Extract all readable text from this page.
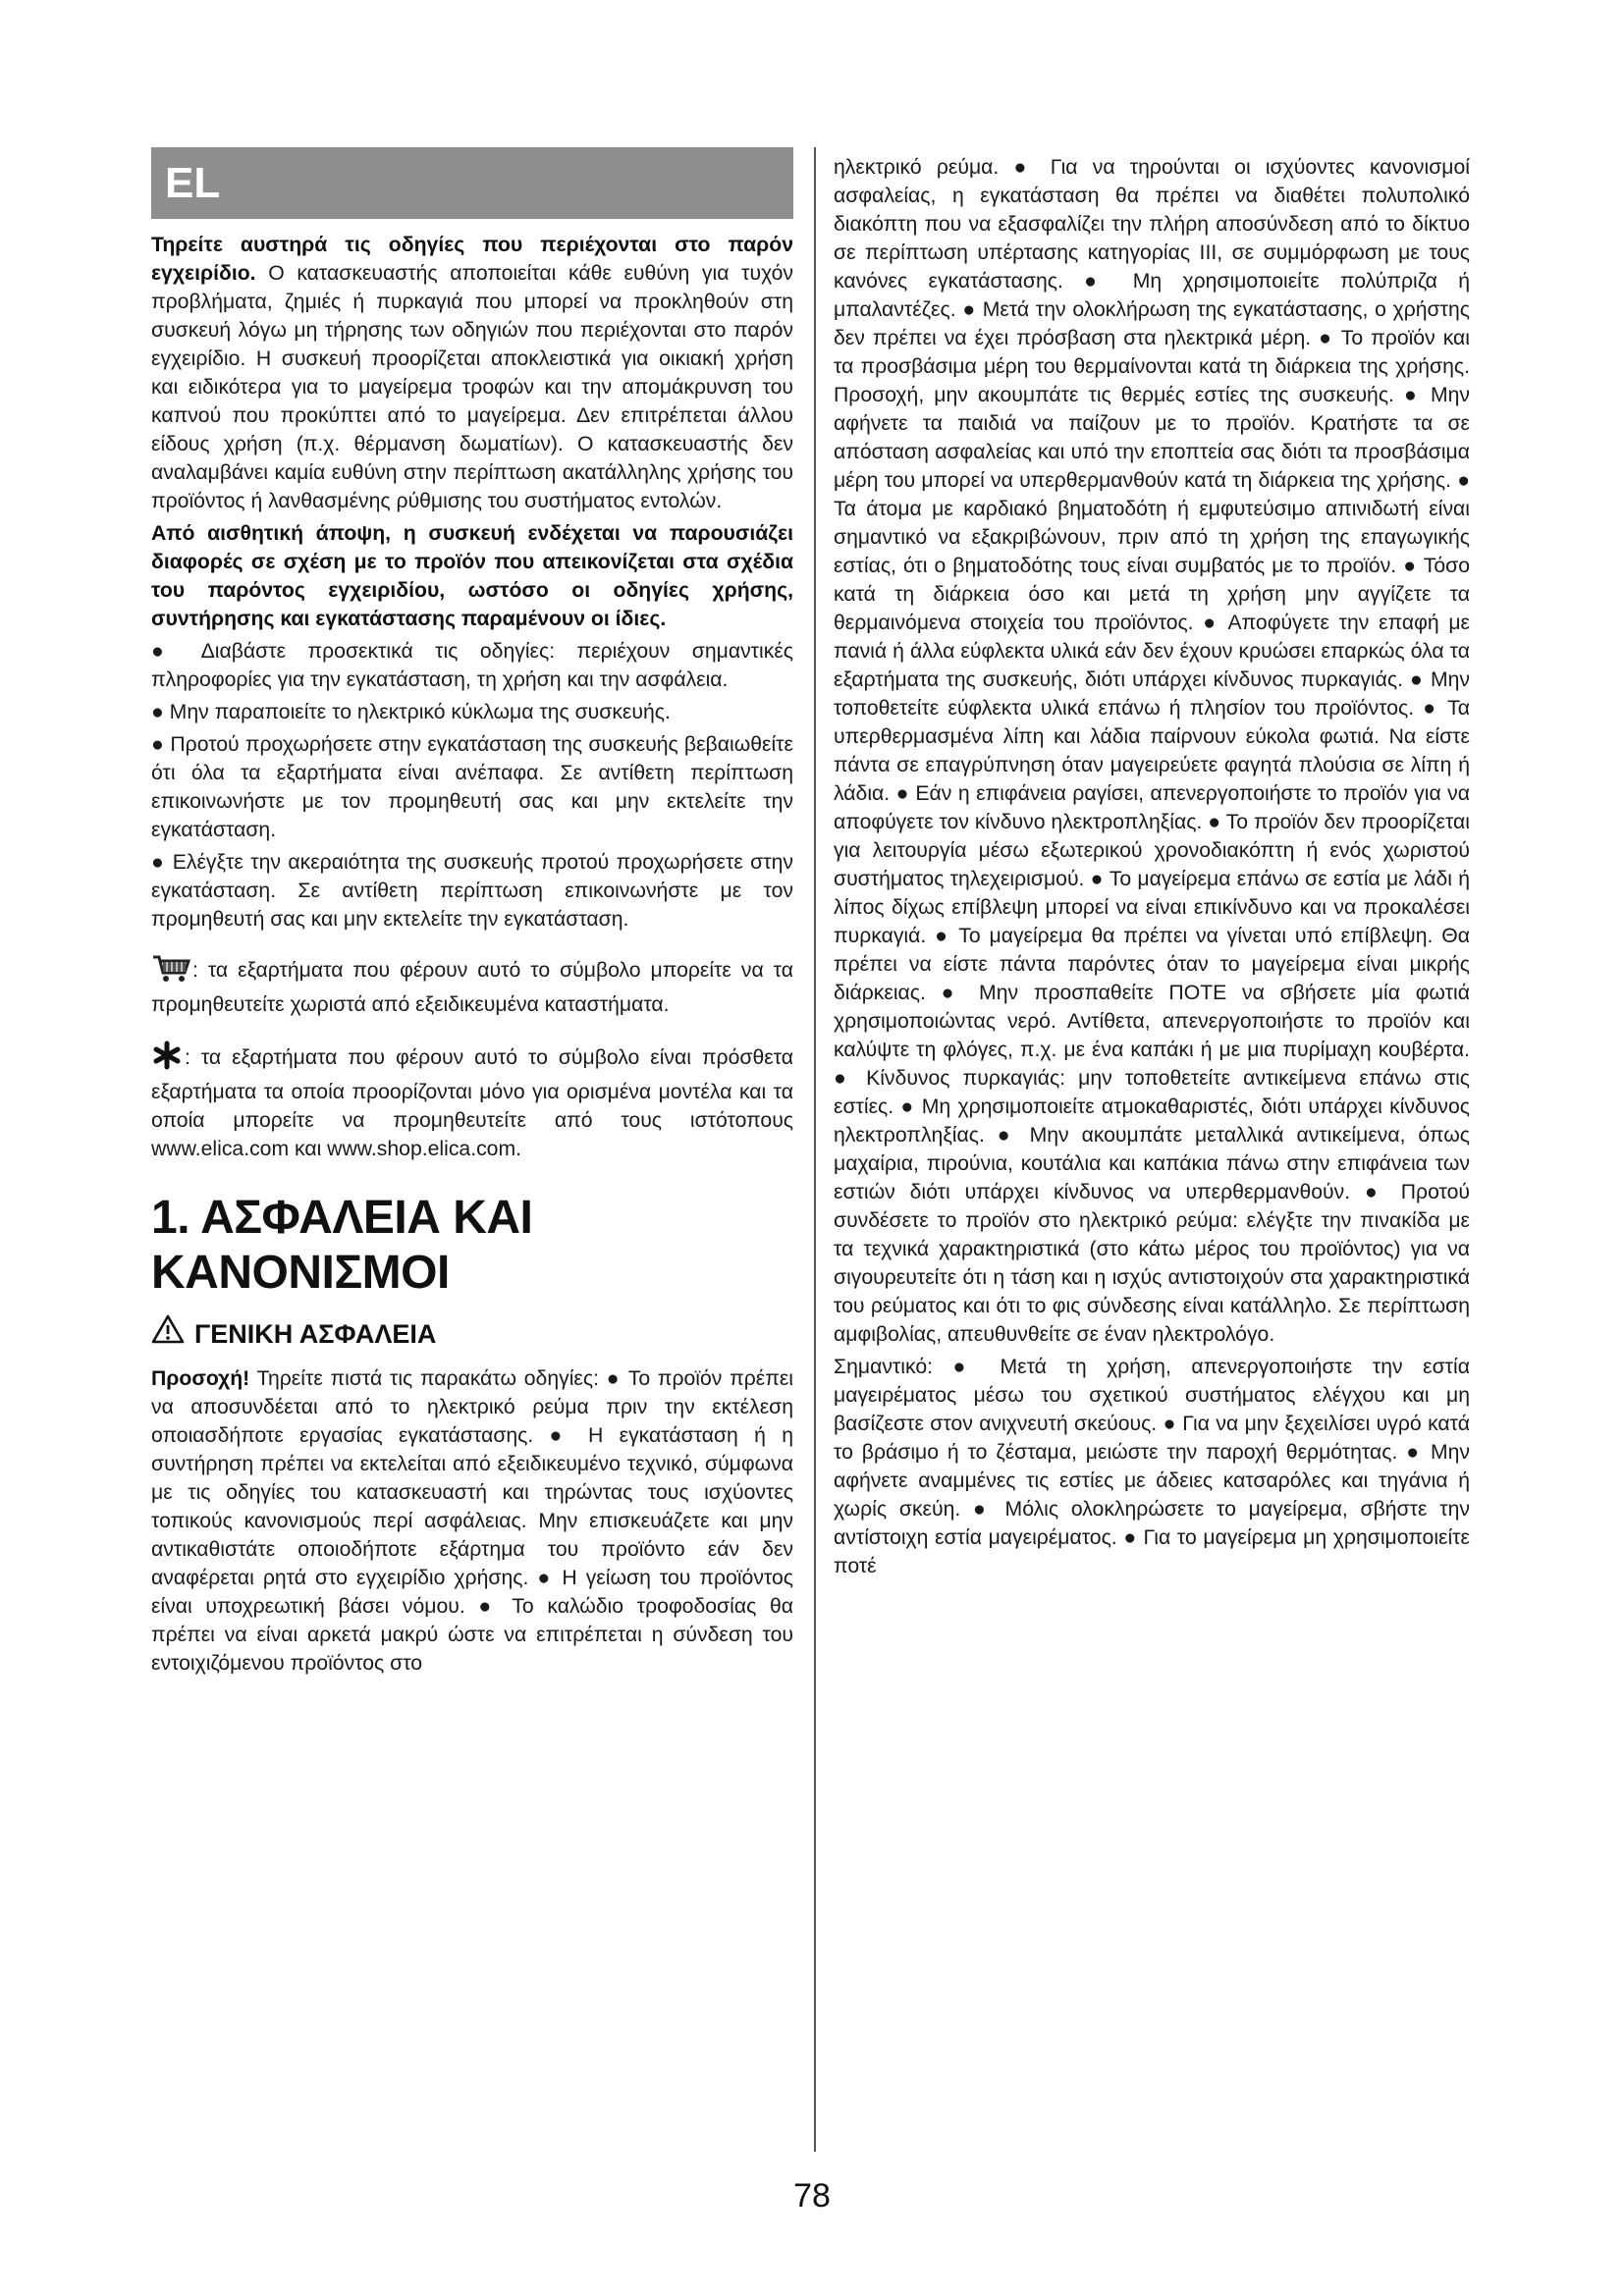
EL

Τηρείτε αυστηρά τις οδηγίες που περιέχονται στο παρόν εγχειρίδιο. Ο κατασκευαστής αποποιείται κάθε ευθύνη για τυχόν προβλήματα, ζημιές ή πυρκαγιά που μπορεί να προκληθούν στη συσκευή λόγω μη τήρησης των οδηγιών που περιέχονται στο παρόν εγχειρίδιο. Η συσκευή προορίζεται αποκλειστικά για οικιακή χρήση και ειδικότερα για το μαγείρεμα τροφών και την απομάκρυνση του καπνού που προκύπτει από το μαγείρεμα. Δεν επιτρέπεται άλλου είδους χρήση (π.χ. θέρμανση δωματίων). Ο κατασκευαστής δεν αναλαμβάνει καμία ευθύνη στην περίπτωση ακατάλληλης χρήσης του προϊόντος ή λανθασμένης ρύθμισης του συστήματος εντολών.

Από αισθητική άποψη, η συσκευή ενδέχεται να παρουσιάζει διαφορές σε σχέση με το προϊόν που απεικονίζεται στα σχέδια του παρόντος εγχειριδίου, ωστόσο οι οδηγίες χρήσης, συντήρησης και εγκατάστασης παραμένουν οι ίδιες.

● Διαβάστε προσεκτικά τις οδηγίες: περιέχουν σημαντικές πληροφορίες για την εγκατάσταση, τη χρήση και την ασφάλεια.

● Μην παραποιείτε το ηλεκτρικό κύκλωμα της συσκευής.

● Προτού προχωρήσετε στην εγκατάσταση της συσκευής βεβαιωθείτε ότι όλα τα εξαρτήματα είναι ανέπαφα. Σε αντίθετη περίπτωση επικοινωνήστε με τον προμηθευτή σας και μην εκτελείτε την εγκατάσταση.

● Ελέγξτε την ακεραιότητα της συσκευής προτού προχωρήσετε στην εγκατάσταση. Σε αντίθετη περίπτωση επικοινωνήστε με τον προμηθευτή σας και μην εκτελείτε την εγκατάσταση.

: τα εξαρτήματα που φέρουν αυτό το σύμβολο μπορείτε να τα προμηθευτείτε χωριστά από εξειδικευμένα καταστήματα.

: τα εξαρτήματα που φέρουν αυτό το σύμβολο είναι πρόσθετα εξαρτήματα τα οποία προορίζονται μόνο για ορισμένα μοντέλα και τα οποία μπορείτε να προμηθευτείτε από τους ιστότοπους www.elica.com και www.shop.elica.com.

1. ΑΣΦΑΛΕΙΑ ΚΑΙ ΚΑΝΟΝΙΣΜΟΙ
ΓΕΝΙΚΗ ΑΣΦΑΛΕΙΑ

Προσοχή! Τηρείτε πιστά τις παρακάτω οδηγίες: ● Το προϊόν πρέπει να αποσυνδέεται από το ηλεκτρικό ρεύμα πριν την εκτέλεση οποιασδήποτε εργασίας εγκατάστασης. ● Η εγκατάσταση ή η συντήρηση πρέπει να εκτελείται από εξειδικευμένο τεχνικό, σύμφωνα με τις οδηγίες του κατασκευαστή και τηρώντας τους ισχύοντες τοπικούς κανονισμούς περί ασφάλειας. Μην επισκευάζετε και μην αντικαθιστάτε οποιοδήποτε εξάρτημα του προϊόντο εάν δεν αναφέρεται ρητά στο εγχειρίδιο χρήσης. ● Η γείωση του προϊόντος είναι υποχρεωτική βάσει νόμου. ● Το καλώδιο τροφοδοσίας θα πρέπει να είναι αρκετά μακρύ ώστε να επιτρέπεται η σύνδεση του εντοιχιζόμενου προϊόντος στο

ηλεκτρικό ρεύμα. ● Για να τηρούνται οι ισχύοντες κανονισμοί ασφαλείας, η εγκατάσταση θα πρέπει να διαθέτει πολυπολικό διακόπτη που να εξασφαλίζει την πλήρη αποσύνδεση από το δίκτυο σε περίπτωση υπέρτασης κατηγορίας III, σε συμμόρφωση με τους κανόνες εγκατάστασης. ● Μη χρησιμοποιείτε πολύπριζα ή μπαλαντέζες. ● Μετά την ολοκλήρωση της εγκατάστασης, ο χρήστης δεν πρέπει να έχει πρόσβαση στα ηλεκτρικά μέρη. ● Το προϊόν και τα προσβάσιμα μέρη του θερμαίνονται κατά τη διάρκεια της χρήσης. Προσοχή, μην ακουμπάτε τις θερμές εστίες της συσκευής. ● Μην αφήνετε τα παιδιά να παίζουν με το προϊόν. Κρατήστε τα σε απόσταση ασφαλείας και υπό την εποπτεία σας διότι τα προσβάσιμα μέρη του μπορεί να υπερθερμανθούν κατά τη διάρκεια της χρήσης. ● Τα άτομα με καρδιακό βηματοδότη ή εμφυτεύσιμο απινιδωτή είναι σημαντικό να εξακριβώνουν, πριν από τη χρήση της επαγωγικής εστίας, ότι ο βηματοδότης τους είναι συμβατός με το προϊόν. ● Τόσο κατά τη διάρκεια όσο και μετά τη χρήση μην αγγίζετε τα θερμαινόμενα στοιχεία του προϊόντος. ● Αποφύγετε την επαφή με πανιά ή άλλα εύφλεκτα υλικά εάν δεν έχουν κρυώσει επαρκώς όλα τα εξαρτήματα της συσκευής, διότι υπάρχει κίνδυνος πυρκαγιάς. ● Μην τοποθετείτε εύφλεκτα υλικά επάνω ή πλησίον του προϊόντος. ● Τα υπερθερμασμένα λίπη και λάδια παίρνουν εύκολα φωτιά. Να είστε πάντα σε επαγρύπνηση όταν μαγειρεύετε φαγητά πλούσια σε λίπη ή λάδια. ● Εάν η επιφάνεια ραγίσει, απενεργοποιήστε το προϊόν για να αποφύγετε τον κίνδυνο ηλεκτροπληξίας. ● Το προϊόν δεν προορίζεται για λειτουργία μέσω εξωτερικού χρονοδιακόπτη ή ενός χωριστού συστήματος τηλεχειρισμού. ● Το μαγείρεμα επάνω σε εστία με λάδι ή λίπος δίχως επίβλεψη μπορεί να είναι επικίνδυνο και να προκαλέσει πυρκαγιά. ● Το μαγείρεμα θα πρέπει να γίνεται υπό επίβλεψη. Θα πρέπει να είστε πάντα παρόντες όταν το μαγείρεμα είναι μικρής διάρκειας. ● Μην προσπαθείτε ΠΟΤΕ να σβήσετε μία φωτιά χρησιμοποιώντας νερό. Αντίθετα, απενεργοποιήστε το προϊόν και καλύψτε τη φλόγες, π.χ. με ένα καπάκι ή με μια πυρίμαχη κουβέρτα. ● Κίνδυνος πυρκαγιάς: μην τοποθετείτε αντικείμενα επάνω στις εστίες. ● Μη χρησιμοποιείτε ατμοκαθαριστές, διότι υπάρχει κίνδυνος ηλεκτροπληξίας. ● Μην ακουμπάτε μεταλλικά αντικείμενα, όπως μαχαίρια, πιρούνια, κουτάλια και καπάκια πάνω στην επιφάνεια των εστιών διότι υπάρχει κίνδυνος να υπερθερμανθούν. ● Προτού συνδέσετε το προϊόν στο ηλεκτρικό ρεύμα: ελέγξτε την πινακίδα με τα τεχνικά χαρακτηριστικά (στο κάτω μέρος του προϊόντος) για να σιγουρευτείτε ότι η τάση και η ισχύς αντιστοιχούν στα χαρακτηριστικά του ρεύματος και ότι το φις σύνδεσης είναι κατάλληλο. Σε περίπτωση αμφιβολίας, απευθυνθείτε σε έναν ηλεκτρολόγο.

Σημαντικό: ● Μετά τη χρήση, απενεργοποιήστε την εστία μαγειρέματος μέσω του σχετικού συστήματος ελέγχου και μη βασίζεστε στον ανιχνευτή σκεύους. ● Για να μην ξεχειλίσει υγρό κατά το βράσιμο ή το ζέσταμα, μειώστε την παροχή θερμότητας. ● Μην αφήνετε αναμμένες τις εστίες με άδειες κατσαρόλες και τηγάνια ή χωρίς σκεύη. ● Μόλις ολοκληρώσετε το μαγείρεμα, σβήστε την αντίστοιχη εστία μαγειρέματος. ● Για το μαγείρεμα μη χρησιμοποιείτε ποτέ

78
